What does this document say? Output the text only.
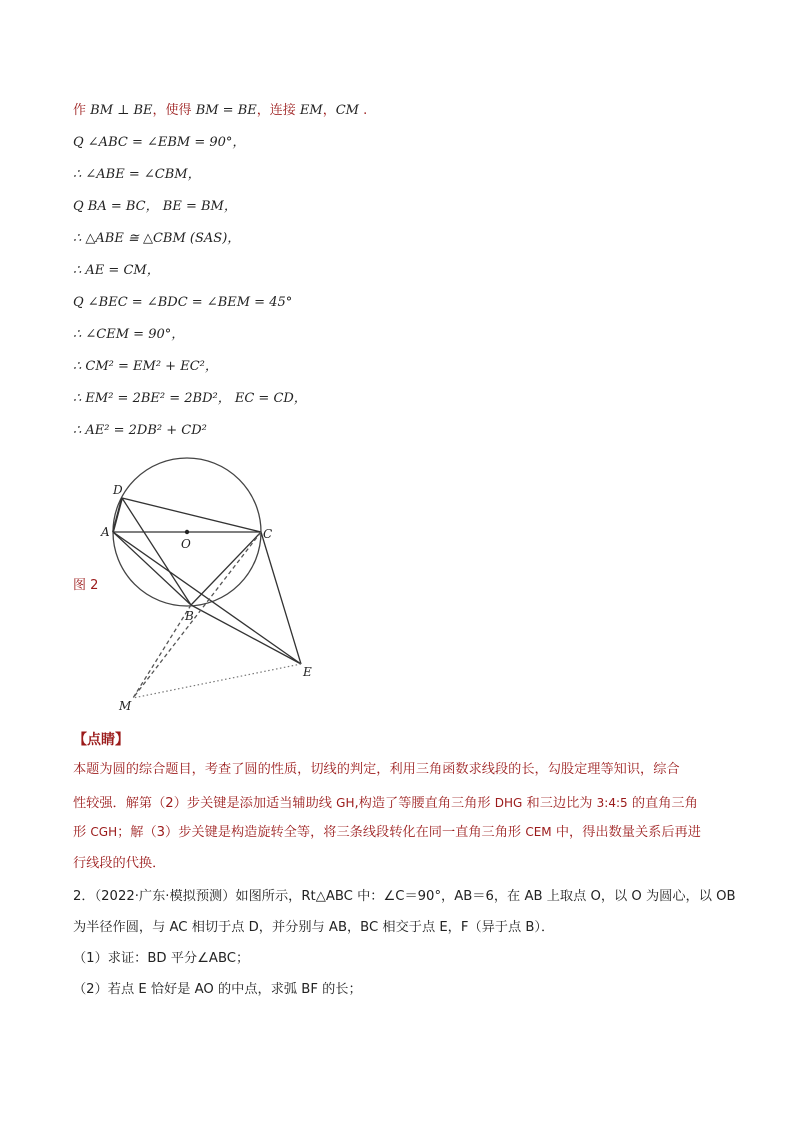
作 BM ⊥ BE，使得 BM = BE，连接 EM，CM .
Q ∠ABC = ∠EBM = 90°，
∴ ∠ABE = ∠CBM，
Q BA = BC， BE = BM，
∴ △ABE ≅ △CBM (SAS)，
∴ AE = CM，
Q ∠BEC = ∠BDC = ∠BEM = 45°
∴ ∠CEM = 90°，
∴ CM² = EM² + EC²，
∴ EM² = 2BE² = 2BD²， EC = CD，
∴ AE² = 2DB² + CD²
图 2
D
A
O
C
B
E
M
【点睛】
本题为圆的综合题目，考查了圆的性质，切线的判定，利用三角函数求线段的长，勾股定理等知识，综合
性较强．解第（2）步关键是添加适当辅助线 GH,构造了等腰直角三角形 DHG 和三边比为 3:4:5 的直角三角
形 CGH；解（3）步关键是构造旋转全等，将三条线段转化在同一直角三角形 CEM 中，得出数量关系后再进
行线段的代换．
2．（2022·广东·模拟预测）如图所示，Rt△ABC 中：∠C＝90°，AB＝6，在 AB 上取点 O，以 O 为圆心，以 OB
为半径作圆，与 AC 相切于点 D，并分别与 AB，BC 相交于点 E，F（异于点 B）．
（1）求证：BD 平分∠ABC；
（2）若点 E 恰好是 AO 的中点，求弧 BF 的长；
